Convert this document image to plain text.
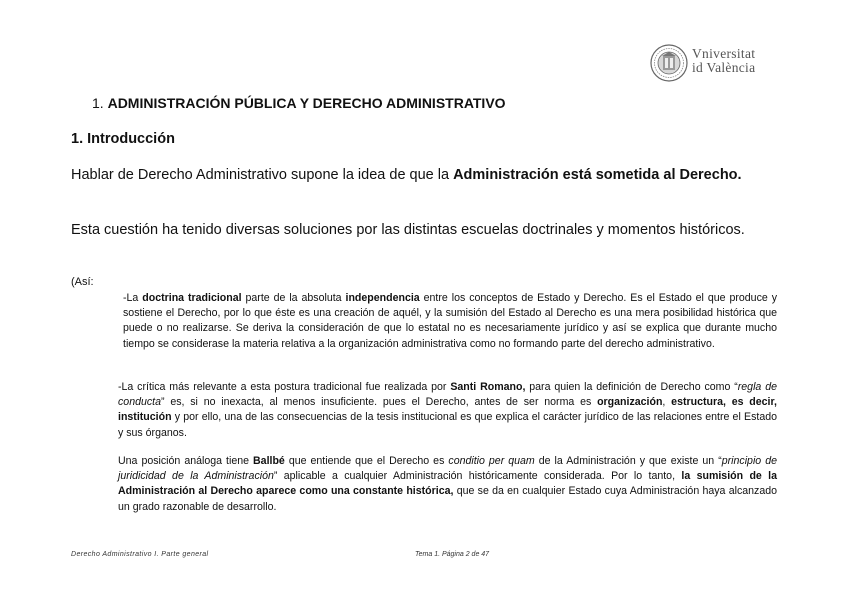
Vniversitat
id València
1. ADMINISTRACIÓN PÚBLICA Y DERECHO ADMINISTRATIVO
1. Introducción
Hablar de Derecho Administrativo supone la idea de que la Administración está sometida al Derecho.
Esta cuestión ha tenido diversas soluciones por las distintas escuelas doctrinales y momentos históricos.
(Así:
-La doctrina tradicional parte de la absoluta independencia entre los conceptos de Estado y Derecho. Es el Estado el que produce y sostiene el Derecho, por lo que éste es una creación de aquél, y la sumisión del Estado al Derecho es una mera posibilidad histórica que puede o no realizarse. Se deriva la consideración de que lo estatal no es necesariamente jurídico y así se explica que durante mucho tiempo se considerase la materia relativa a la organización administrativa como no formando parte del derecho administrativo.
-La crítica más relevante a esta postura tradicional fue realizada por Santi Romano, para quien la definición de Derecho como “regla de conducta” es, si no inexacta, al menos insuficiente. pues el Derecho, antes de ser norma es organización, estructura, es decir, institución y por ello, una de las consecuencias de la tesis institucional es que explica el carácter jurídico de las relaciones entre el Estado y sus órganos.
Una posición análoga tiene Ballbé que entiende que el Derecho es conditio per quam de la Administración y que existe un “principio de juridicidad de la Administración” aplicable a cualquier Administración históricamente considerada. Por lo tanto, la sumisión de la Administración al Derecho aparece como una constante histórica, que se da en cualquier Estado cuya Administración haya alcanzado un grado razonable de desarrollo.
Derecho Administrativo I. Parte general	Tema 1. Página 2 de 47
